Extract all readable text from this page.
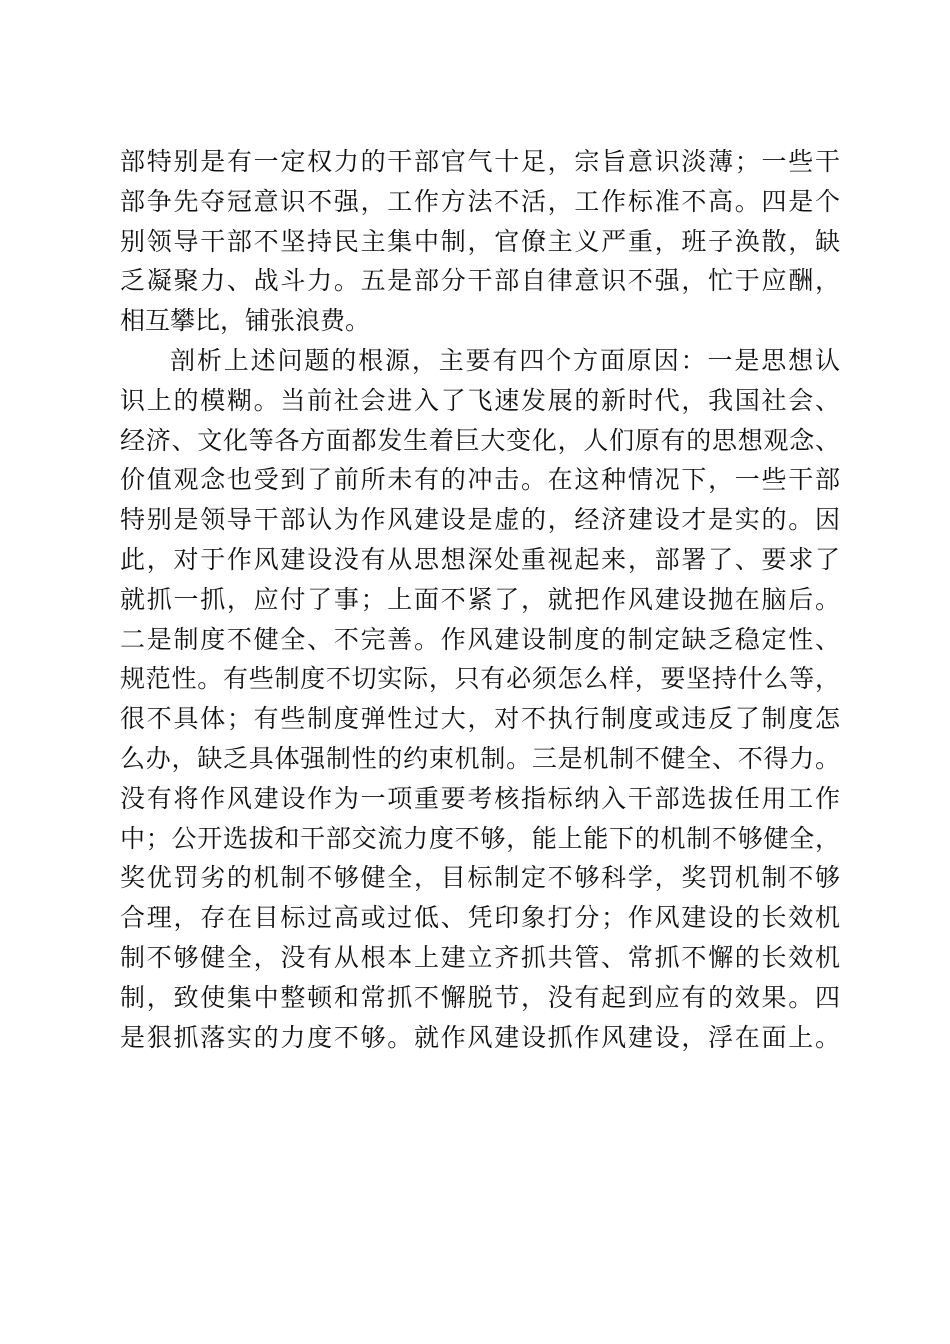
部特别是有一定权力的干部官气十足，宗旨意识淡薄；一些干

部争先夺冠意识不强，工作方法不活，工作标准不高。四是个

别领导干部不坚持民主集中制，官僚主义严重，班子涣散，缺

乏凝聚力、战斗力。五是部分干部自律意识不强，忙于应酬，

相互攀比，铺张浪费。

剖析上述问题的根源，主要有四个方面原因：一是思想认

识上的模糊。当前社会进入了飞速发展的新时代，我国社会、

经济、文化等各方面都发生着巨大变化，人们原有的思想观念、

价值观念也受到了前所未有的冲击。在这种情况下，一些干部

特别是领导干部认为作风建设是虚的，经济建设才是实的。因

此，对于作风建设没有从思想深处重视起来，部署了、要求了

就抓一抓，应付了事；上面不紧了，就把作风建设抛在脑后。

二是制度不健全、不完善。作风建设制度的制定缺乏稳定性、

规范性。有些制度不切实际，只有必须怎么样，要坚持什么等，

很不具体；有些制度弹性过大，对不执行制度或违反了制度怎

么办，缺乏具体强制性的约束机制。三是机制不健全、不得力。

没有将作风建设作为一项重要考核指标纳入干部选拔任用工作

中；公开选拔和干部交流力度不够，能上能下的机制不够健全，

奖优罚劣的机制不够健全，目标制定不够科学，奖罚机制不够

合理，存在目标过高或过低、凭印象打分；作风建设的长效机

制不够健全，没有从根本上建立齐抓共管、常抓不懈的长效机

制，致使集中整顿和常抓不懈脱节，没有起到应有的效果。四

是狠抓落实的力度不够。就作风建设抓作风建设，浮在面上。
